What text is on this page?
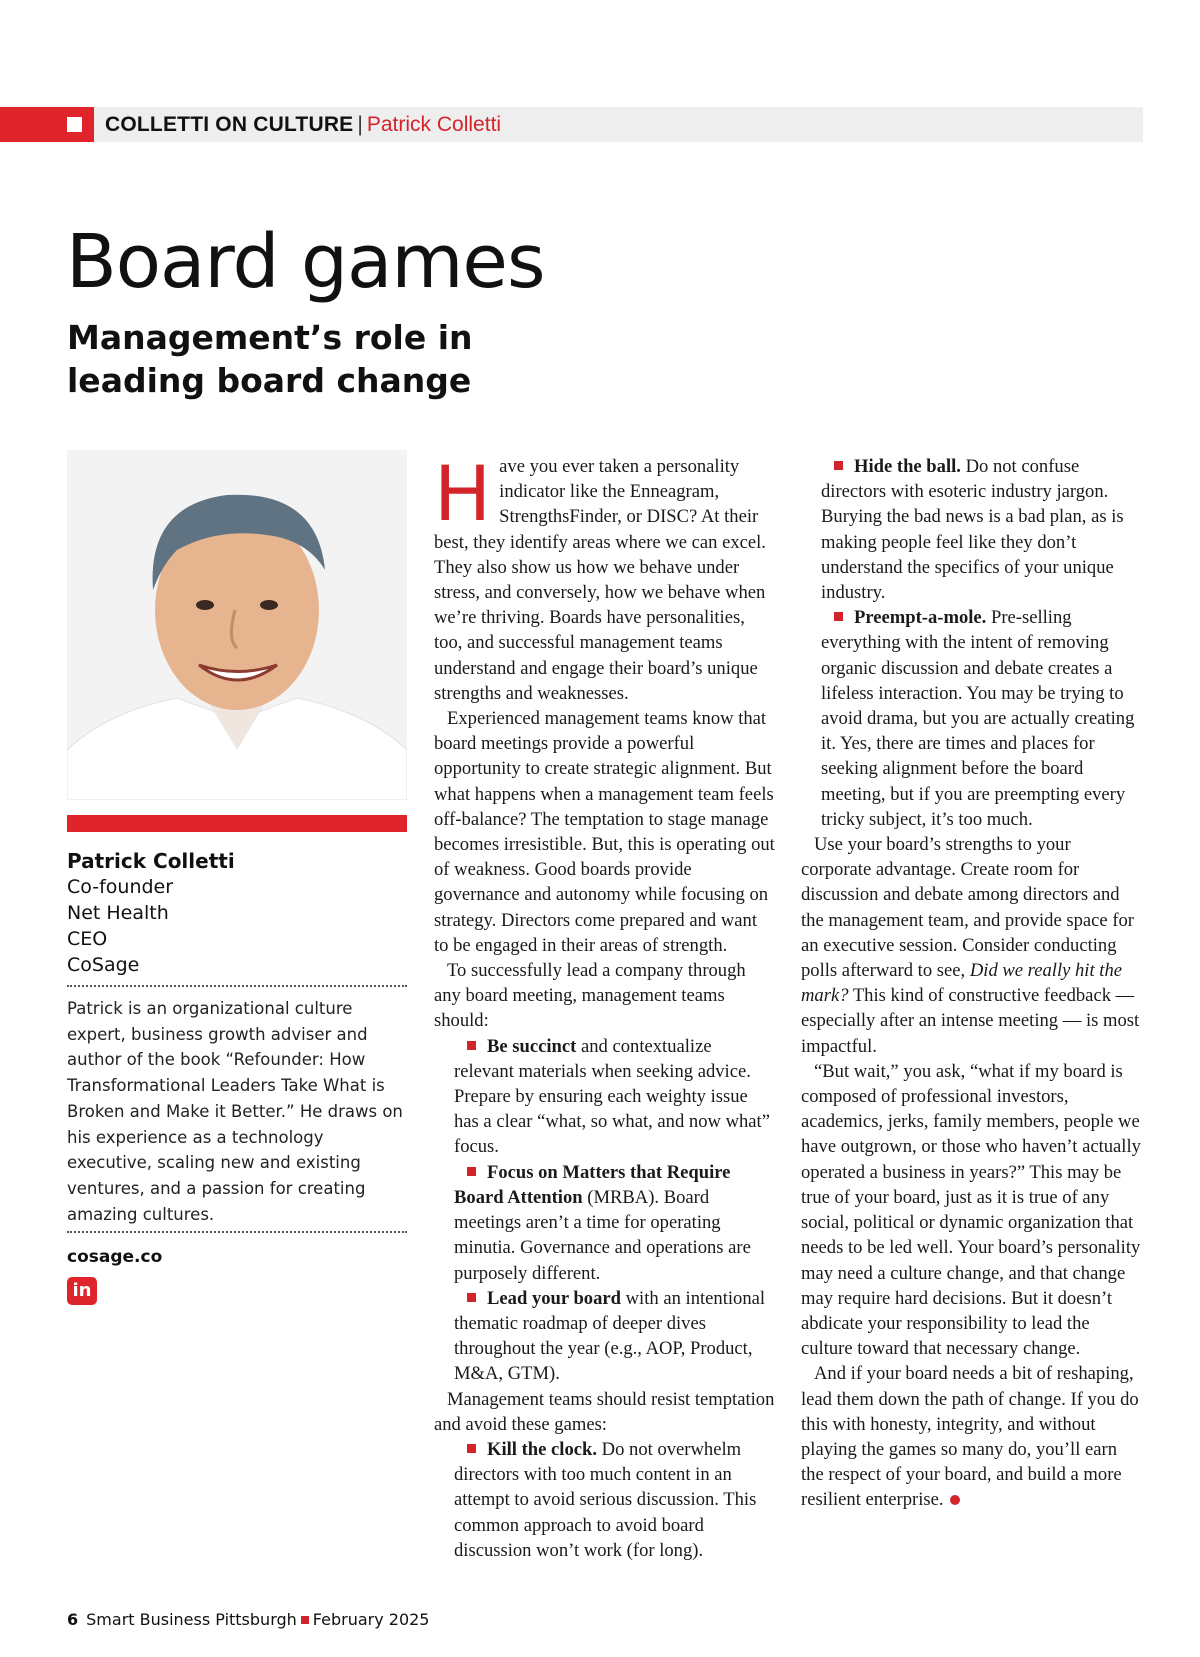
COLLETTI ON CULTURE | Patrick Colletti
Board games
Management’s role in leading board change
Patrick Colletti
Co-founder
Net Health
CEO
CoSage
Patrick is an organizational culture expert, business growth adviser and author of the book “Refounder: How Transformational Leaders Take What is Broken and Make it Better.” He draws on his experience as a technology executive, scaling new and existing ventures, and a passion for creating amazing cultures.
cosage.co
in

Have you ever taken a personality indicator like the Enneagram, StrengthsFinder, or DISC? At their best, they identify areas where we can excel. They also show us how we behave under stress, and conversely, how we behave when we’re thriving. Boards have personalities, too, and successful management teams understand and engage their board’s unique strengths and weaknesses.

Experienced management teams know that board meetings provide a powerful opportunity to create strategic alignment. But what happens when a management team feels off-balance? The temptation to stage manage becomes irresistible. But, this is operating out of weakness. Good boards provide governance and autonomy while focusing on strategy. Directors come prepared and want to be engaged in their areas of strength.

To successfully lead a company through any board meeting, management teams should:

Be succinct and contextualize relevant materials when seeking advice. Prepare by ensuring each weighty issue has a clear “what, so what, and now what” focus.

Focus on Matters that Require Board Attention (MRBA). Board meetings aren’t a time for operating minutia. Governance and operations are purposely different.

Lead your board with an intentional thematic roadmap of deeper dives throughout the year (e.g., AOP, Product, M&A, GTM).

Management teams should resist temptation and avoid these games:

Kill the clock. Do not overwhelm directors with too much content in an attempt to avoid serious discussion. This common approach to avoid board discussion won’t work (for long).

Hide the ball. Do not confuse directors with esoteric industry jargon. Burying the bad news is a bad plan, as is making people feel like they don’t understand the specifics of your unique industry.

Preempt-a-mole. Pre-selling everything with the intent of removing organic discussion and debate creates a lifeless interaction. You may be trying to avoid drama, but you are actually creating it. Yes, there are times and places for seeking alignment before the board meeting, but if you are preempting every tricky subject, it’s too much.

Use your board’s strengths to your corporate advantage. Create room for discussion and debate among directors and the management team, and provide space for an executive session. Consider conducting polls afterward to see, Did we really hit the mark? This kind of constructive feedback — especially after an intense meeting — is most impactful.

“But wait,” you ask, “what if my board is composed of professional investors, academics, jerks, family members, people we have outgrown, or those who haven’t actually operated a business in years?” This may be true of your board, just as it is true of any social, political or dynamic organization that needs to be led well. Your board’s personality may need a culture change, and that change may require hard decisions. But it doesn’t abdicate your responsibility to lead the culture toward that necessary change.

And if your board needs a bit of reshaping, lead them down the path of change. If you do this with honesty, integrity, and without playing the games so many do, you’ll earn the respect of your board, and build a more resilient enterprise.

6 Smart Business Pittsburgh February 2025
